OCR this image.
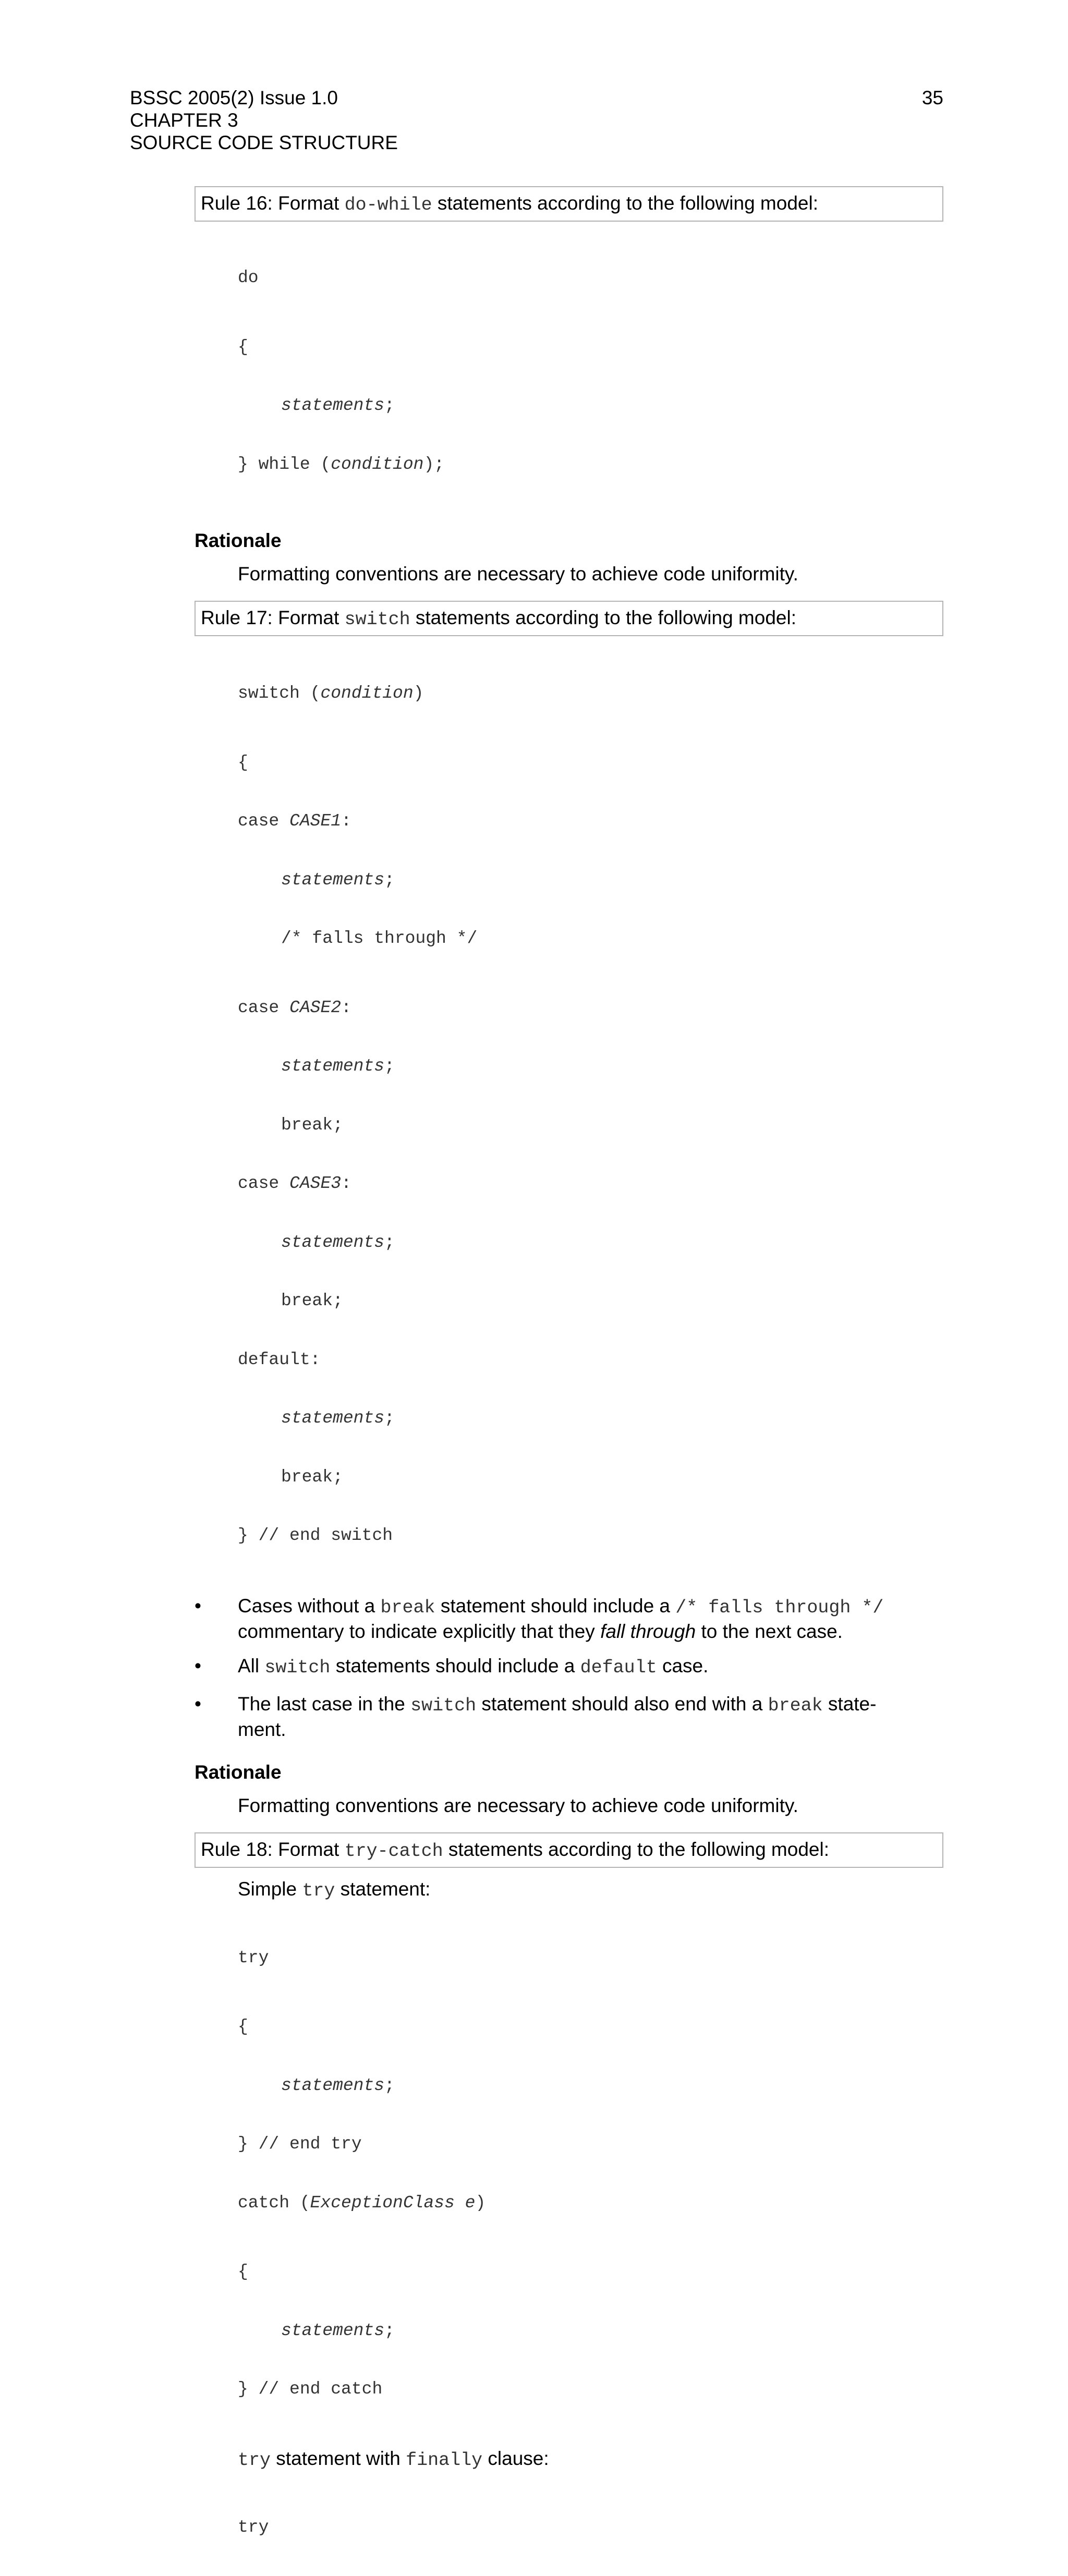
BSSC 2005(2) Issue 1.0
CHAPTER 3
SOURCE CODE STRUCTURE
35
Rule 16: Format do-while statements according to the following model:

do

{

statements;

} while (condition);

Rationale
Formatting conventions are necessary to achieve code uniformity.
Rule 17: Format switch statements according to the following model:

switch (condition)

{

case CASE1:

statements;

/* falls through */

case CASE2:

statements;

break;

case CASE3:

statements;

break;

default:

statements;

break;

} // end switch

• Cases without a break statement should include a /* falls through */
commentary to indicate explicitly that they fall through to the next case.
• All switch statements should include a default case.
• The last case in the switch statement should also end with a break state-
ment.
Rationale
Formatting conventions are necessary to achieve code uniformity.
Rule 18: Format try-catch statements according to the following model:
Simple try statement:

try

{

statements;

} // end try

catch (ExceptionClass e)

{

statements;

} // end catch

try statement with finally clause:

try
